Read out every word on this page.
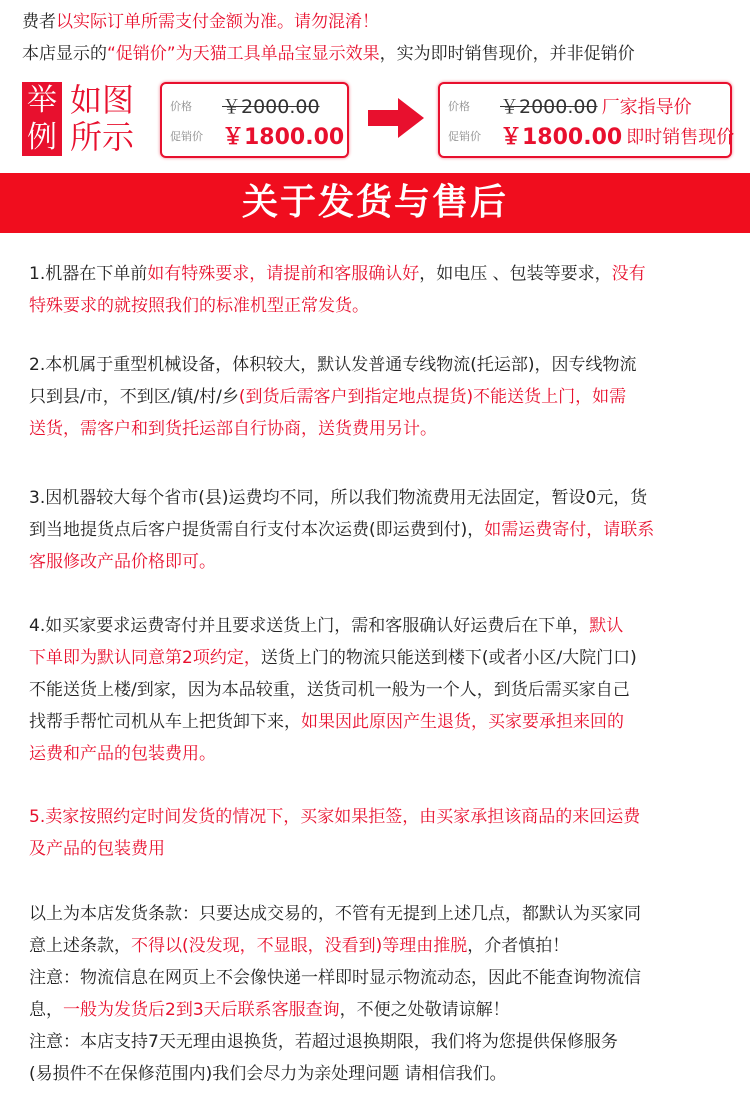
费者以实际订单所需支付金额为准。请勿混淆！
本店显示的“促销价”为天猫工具单品宝显示效果，实为即时销售现价，并非促销价
举
例
如图
所示
价格 ￥2000.00
促销价 ￥1800.00
价格 ￥2000.00 厂家指导价
促销价 ￥1800.00 即时销售现价
关于发货与售后
1.机器在下单前如有特殊要求，请提前和客服确认好，如电压 、包装等要求，没有
特殊要求的就按照我们的标准机型正常发货。
2.本机属于重型机械设备，体积较大，默认发普通专线物流(托运部)，因专线物流
只到县/市，不到区/镇/村/乡(到货后需客户到指定地点提货)不能送货上门，如需
送货，需客户和到货托运部自行协商，送货费用另计。
3.因机器较大每个省市(县)运费均不同，所以我们物流费用无法固定，暂设0元，货
到当地提货点后客户提货需自行支付本次运费(即运费到付)，如需运费寄付，请联系
客服修改产品价格即可。
4.如买家要求运费寄付并且要求送货上门，需和客服确认好运费后在下单，默认
下单即为默认同意第2项约定，送货上门的物流只能送到楼下(或者小区/大院门口)
不能送货上楼/到家，因为本品较重，送货司机一般为一个人，到货后需买家自己
找帮手帮忙司机从车上把货卸下来，如果因此原因产生退货，买家要承担来回的
运费和产品的包装费用。
5.卖家按照约定时间发货的情况下，买家如果拒签，由买家承担该商品的来回运费
及产品的包装费用
以上为本店发货条款：只要达成交易的，不管有无提到上述几点，都默认为买家同
意上述条款，不得以(没发现，不显眼，没看到)等理由推脱，介者慎拍！
注意：物流信息在网页上不会像快递一样即时显示物流动态，因此不能查询物流信
息，一般为发货后2到3天后联系客服查询，不便之处敬请谅解！
注意：本店支持7天无理由退换货，若超过退换期限，我们将为您提供保修服务
(易损件不在保修范围内)我们会尽力为亲处理问题 请相信我们。
